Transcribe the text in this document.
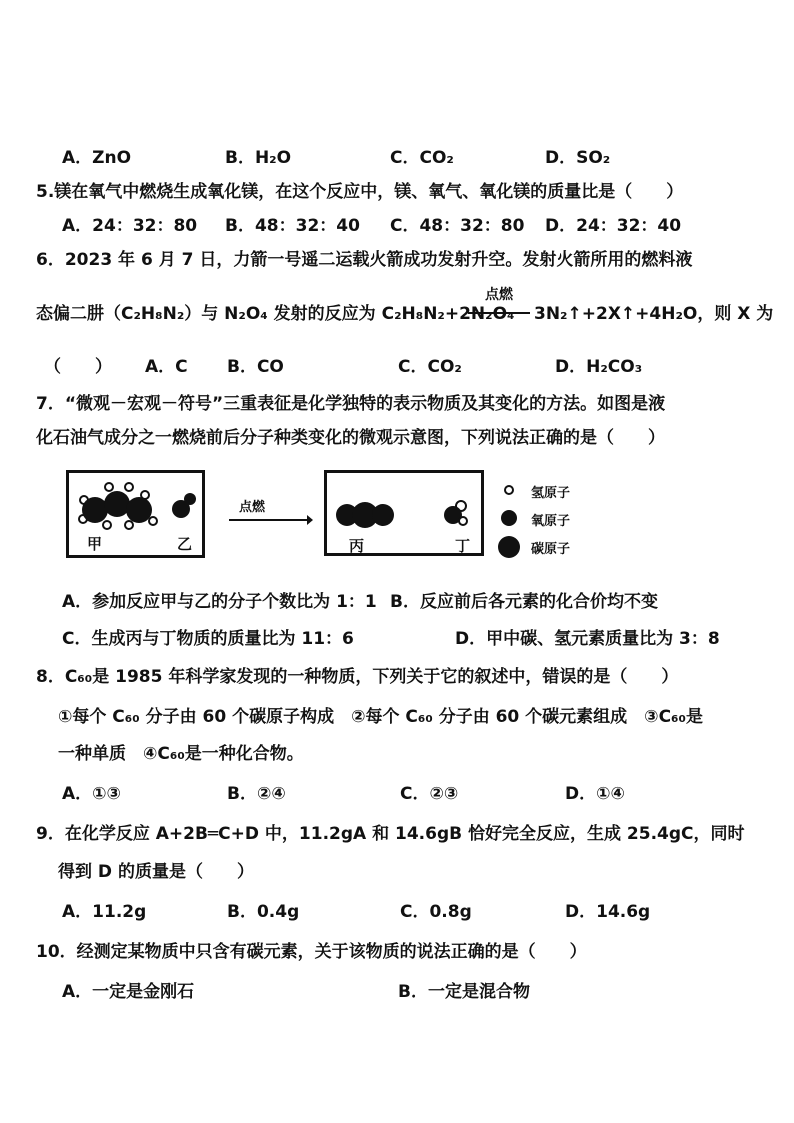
A．ZnO	B．H₂O	C．CO₂	D．SO₂
5.镁在氧气中燃烧生成氧化镁，在这个反应中，镁、氧气、氧化镁的质量比是（　　）
A．24：32：80 B．48：32：40 C．48：32：80 D．24：32：40
6．2023 年 6 月 7 日，力箭一号遥二运载火箭成功发射升空。发射火箭所用的燃料液
态偏二肼（C₂H₈N₂）与 N₂O₄ 发射的反应为 C₂H₈N₂+2N₂O₄
点燃
3N₂↑+2X↑+4H₂O，则 X 为
（　　） A．C B．CO	C．CO₂	D．H₂CO₃
7．“微观－宏观－符号”三重表征是化学独特的表示物质及其变化的方法。如图是液
化石油气成分之一燃烧前后分子种类变化的微观示意图，下列说法正确的是（　　）
甲	乙
点燃
丙	丁
氢原子
氧原子
碳原子
A．参加反应甲与乙的分子个数比为 1：1 B．反应前后各元素的化合价均不变
C．生成丙与丁物质的质量比为 11：6	D．甲中碳、氢元素质量比为 3：8
8．C₆₀是 1985 年科学家发现的一种物质，下列关于它的叙述中，错误的是（　　）
①每个 C₆₀ 分子由 60 个碳原子构成　②每个 C₆₀ 分子由 60 个碳元素组成　③C₆₀是
一种单质　④C₆₀是一种化合物。
A．①③	B．②④	C．②③	D．①④
9．在化学反应 A+2B═C+D 中，11.2gA 和 14.6gB 恰好完全反应，生成 25.4gC，同时
得到 D 的质量是（　　）
A．11.2g	B．0.4g	C．0.8g	D．14.6g
10．经测定某物质中只含有碳元素，关于该物质的说法正确的是（　　）
A．一定是金刚石	B．一定是混合物
